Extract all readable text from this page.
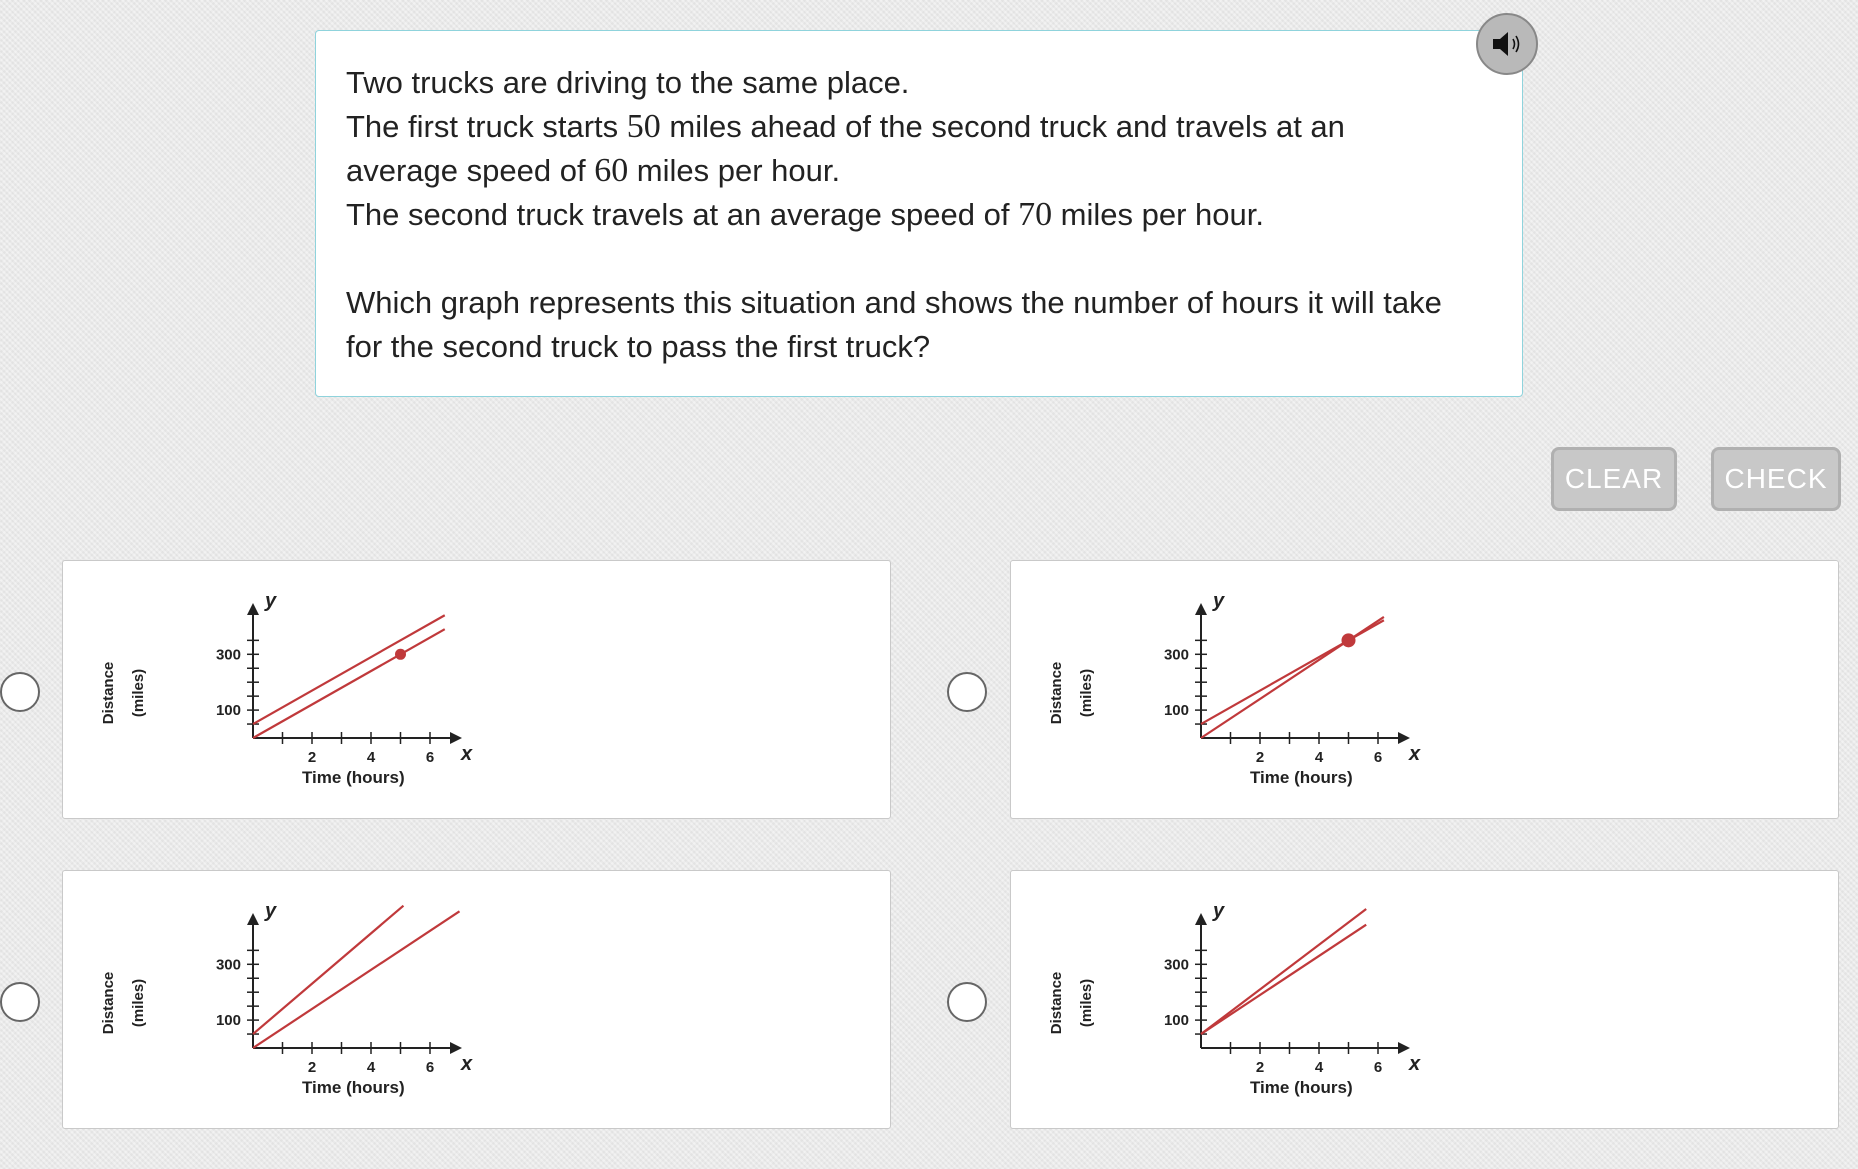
Two trucks are driving to the same place.

The first truck starts 50 miles ahead of the second truck and travels at an

average speed of 60 miles per hour.

The second truck travels at an average speed of 70 miles per hour.

Which graph represents this situation and shows the number of hours it will take
for the second truck to pass the first truck?

CLEAR	CHECK
Distance (miles)
y
x
2	4	6
100
300
Time (hours)
Distance (miles)
y
x
2	4	6
100
300
Time (hours)
Distance (miles)
y
x
2	4	6
100
300
Time (hours)
Distance (miles)
y
x
2	4	6
100
300
Time (hours)
